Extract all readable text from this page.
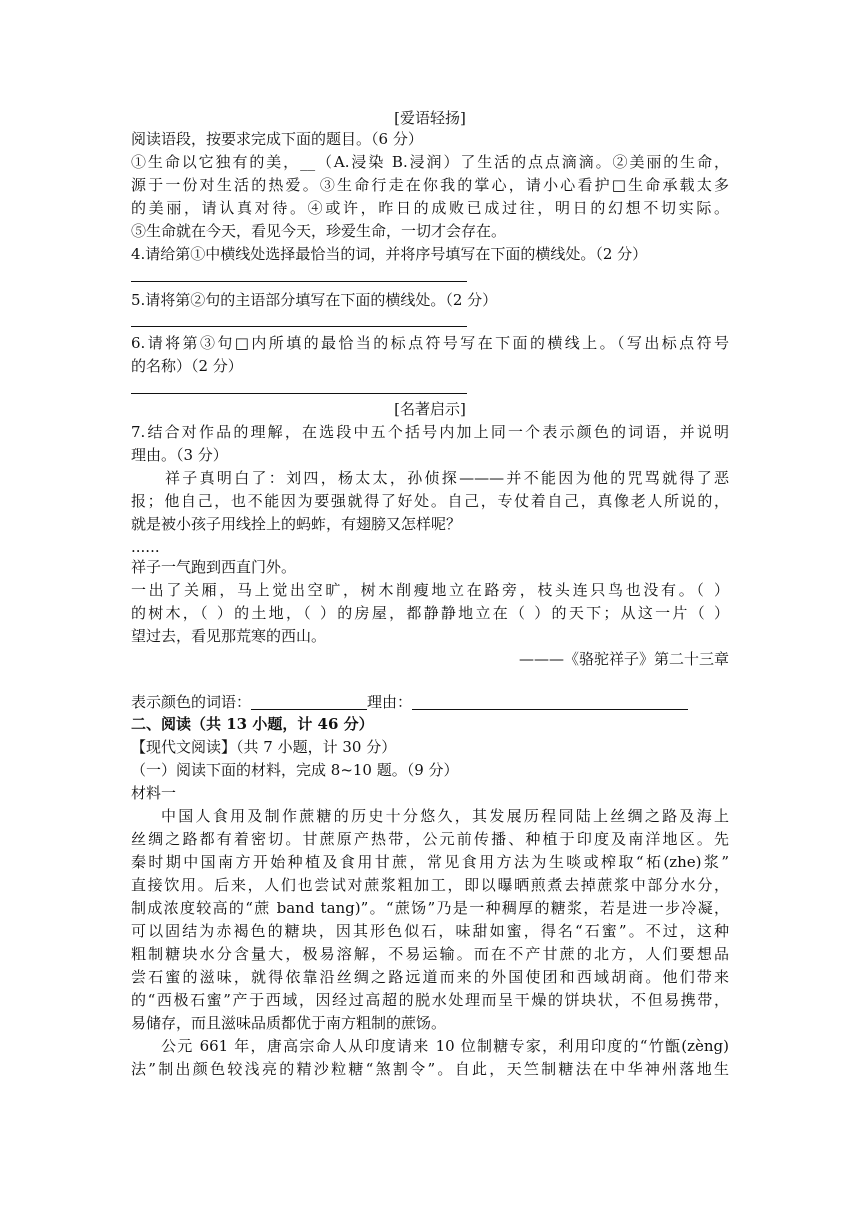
[爱语轻扬]
阅读语段，按要求完成下面的题目。（6 分）
①生命以它独有的美，__（A.浸染 B.浸润）了生活的点点滴滴。②美丽的生命，
源于一份对生活的热爱。③生命行走在你我的掌心，请小心看护□生命承载太多
的美丽，请认真对待。④或许，昨日的成败已成过往，明日的幻想不切实际。
⑤生命就在今天，看见今天，珍爱生命，一切才会存在。
4.请给第①中横线处选择最恰当的词，并将序号填写在下面的横线处。（2 分）
5.请将第②句的主语部分填写在下面的横线处。（2 分）
6.请将第③句□内所填的最恰当的标点符号写在下面的横线上。（写出标点符号
的名称）（2 分）
[名著启示]
7.结合对作品的理解，在选段中五个括号内加上同一个表示颜色的词语，并说明
理由。（3 分）
祥子真明白了：刘四，杨太太，孙侦探———并不能因为他的咒骂就得了恶
报；他自己，也不能因为要强就得了好处。自己，专仗着自己，真像老人所说的，
就是被小孩子用线拴上的蚂蚱，有翅膀又怎样呢？
......
祥子一气跑到西直门外。
一出了关厢，马上觉出空旷，树木削瘦地立在路旁，枝头连只鸟也没有。（ ）
的树木，（ ）的土地，（ ）的房屋，都静静地立在（ ）的天下；从这一片（ ）
望过去，看见那荒寒的西山。
———《骆驼祥子》第二十三章
表示颜色的词语：	理由：
二、阅读（共 13 小题，计 46 分）
【现代文阅读】（共 7 小题，计 30 分）
（一）阅读下面的材料，完成 8~10 题。（9 分）
材料一
中国人食用及制作蔗糖的历史十分悠久，其发展历程同陆上丝绸之路及海上
丝绸之路都有着密切。甘蔗原产热带，公元前传播、种植于印度及南洋地区。先
秦时期中国南方开始种植及食用甘蔗，常见食用方法为生啖或榨取“柘(zhe)浆”
直接饮用。后来，人们也尝试对蔗浆粗加工，即以曝晒煎煮去掉蔗浆中部分水分，
制成浓度较高的“蔗 band tang)”。“蔗饧”乃是一种稠厚的糖浆，若是进一步冷凝，
可以固结为赤褐色的糖块，因其形色似石，味甜如蜜，得名“石蜜”。不过，这种
粗制糖块水分含量大，极易溶解，不易运输。而在不产甘蔗的北方，人们要想品
尝石蜜的滋味，就得依靠沿丝绸之路远道而来的外国使团和西域胡商。他们带来
的“西极石蜜”产于西域，因经过高超的脱水处理而呈干燥的饼块状，不但易携带，
易储存，而且滋味品质都优于南方粗制的蔗饧。
公元 661 年，唐高宗命人从印度请来 10 位制糖专家，利用印度的“竹甑(zèng)
法”制出颜色较浅亮的精沙粒糖“煞割令”。自此，天竺制糖法在中华神州落地生
